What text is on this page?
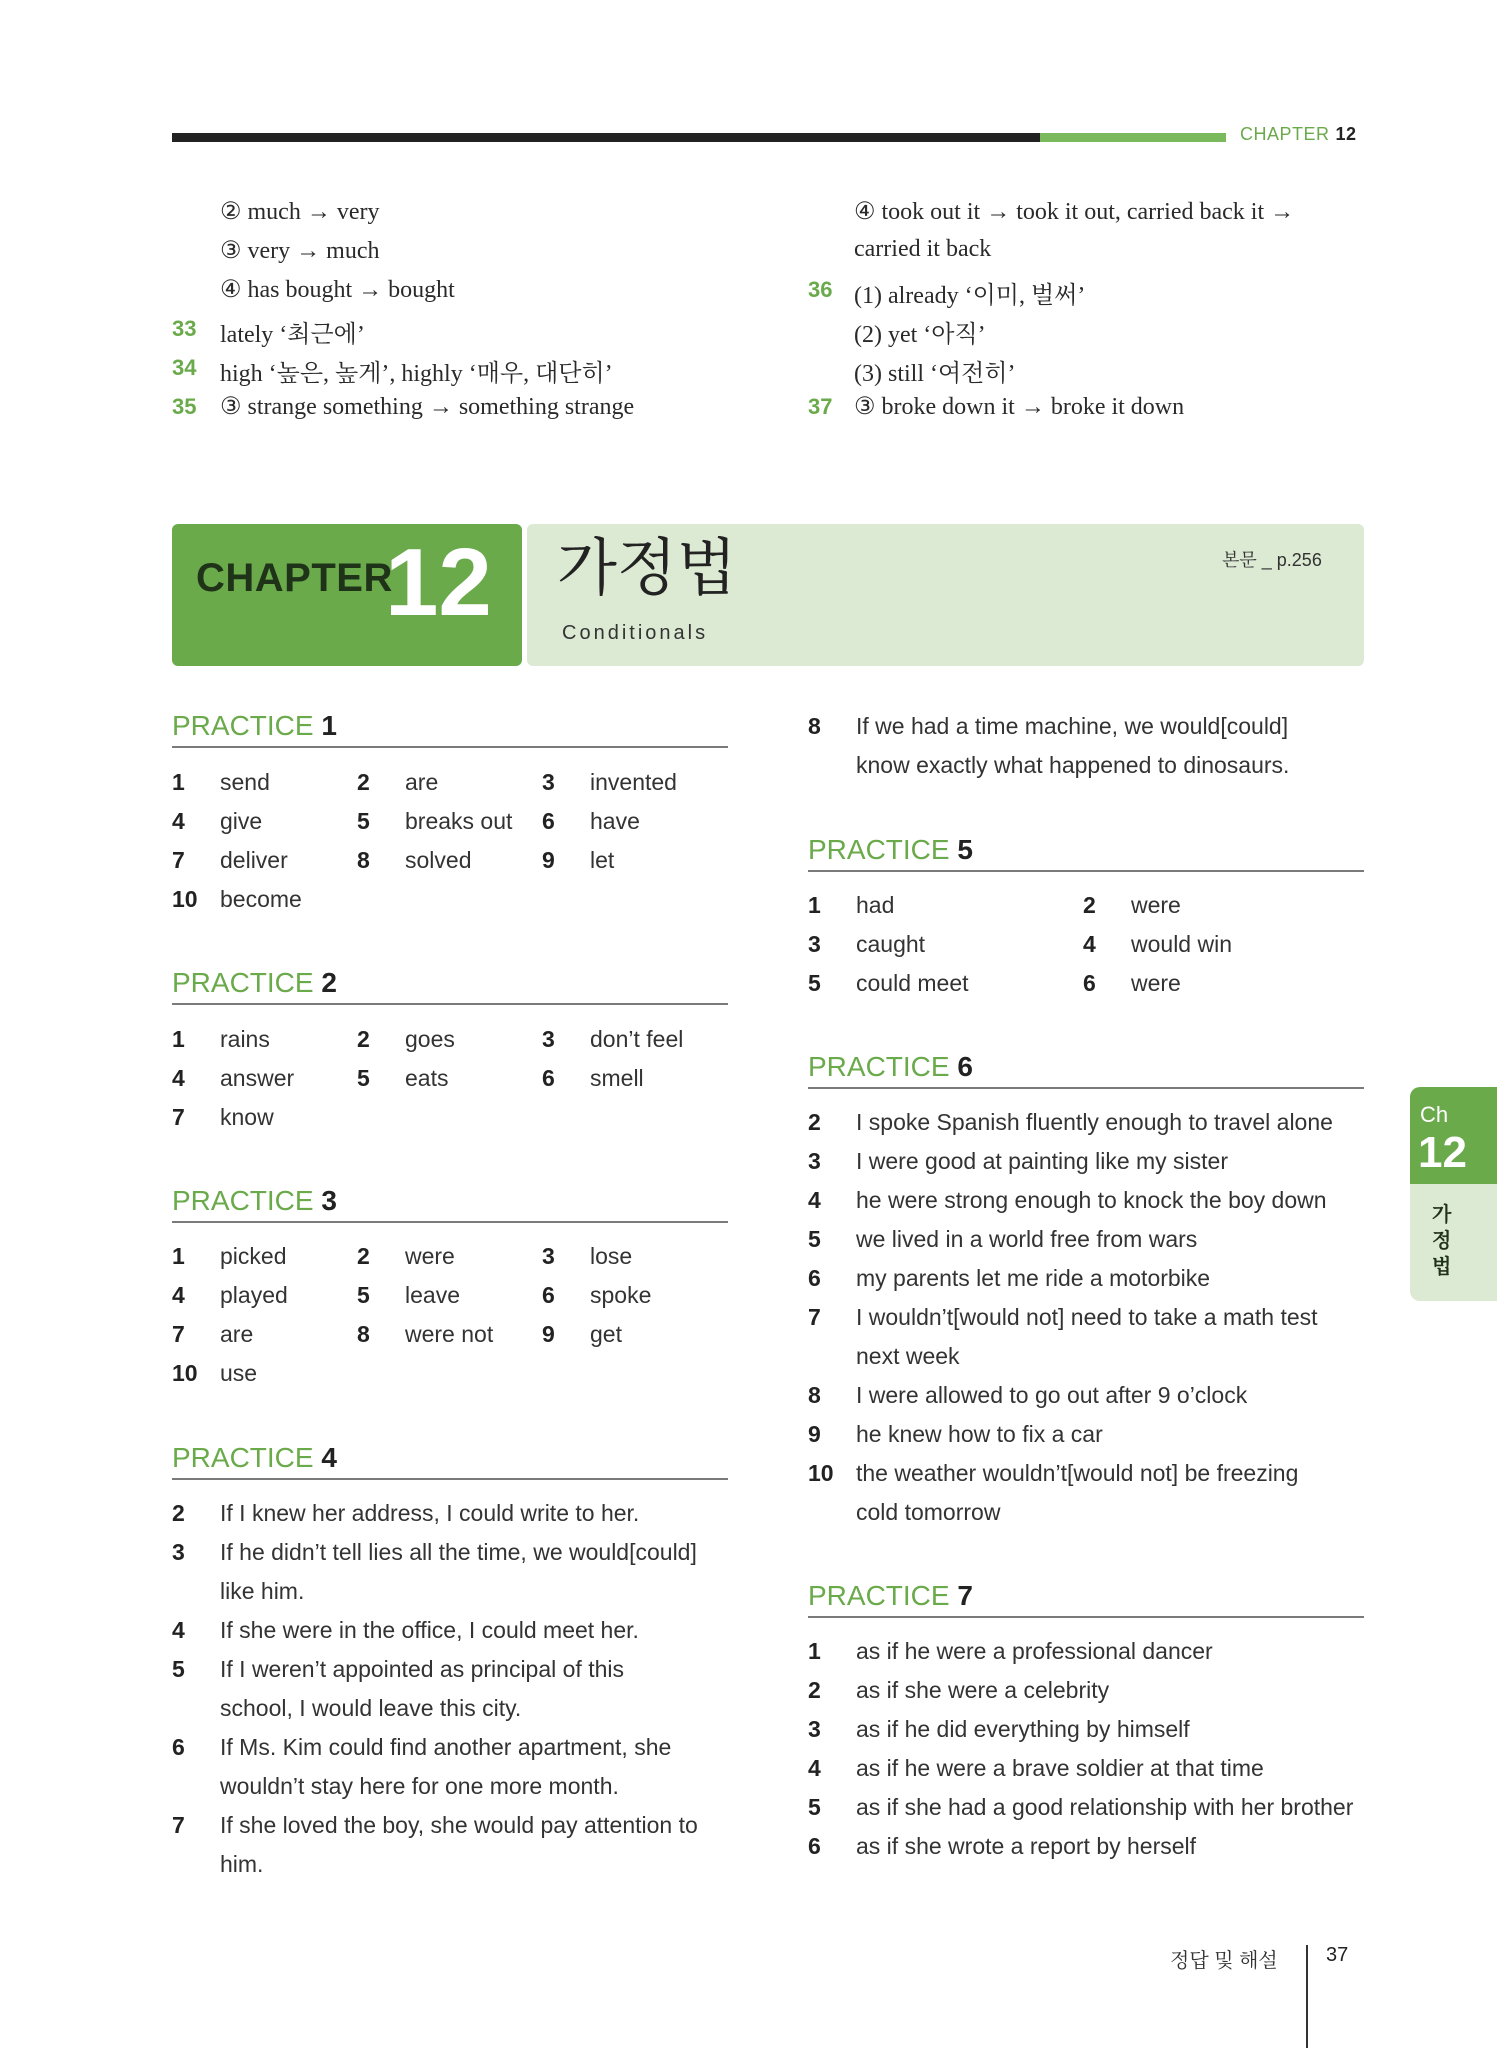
CHAPTER 12
② much → very
③ very → much
④ has bought → bought
33 lately ‘최근에’
34 high ‘높은, 높게’, highly ‘매우, 대단히’
35 ③ strange something → something strange
④ took out it → took it out, carried back it →
carried it back
36 (1) already ‘이미, 벌써’
(2) yet ‘아직’
(3) still ‘여전히’
37 ③ broke down it → broke it down
CHAPTER
12 가정법
Conditionals
본문 _ p.256
PRACTICE 1
1 send	2 are	3 invented
4 give	5 breaks out 6 have
7 deliver	8 solved	9 let
10 become
PRACTICE 2
1 rains	2 goes	3 don’t feel
4 answer	5 eats	6 smell
7 know
PRACTICE 3
1 picked	2 were	3 lose
4 played	5 leave	6 spoke
7 are	8 were not 9 get
10 use
PRACTICE 4
2 If I knew her address, I could write to her.
3 If he didn’t tell lies all the time, we would[could]
like him.
4 If she were in the office, I could meet her.
5 If I weren’t appointed as principal of this
school, I would leave this city.
6 If Ms. Kim could find another apartment, she
wouldn’t stay here for one more month.
7 If she loved the boy, she would pay attention to
him.
8 If we had a time machine, we would[could]
know exactly what happened to dinosaurs.
PRACTICE 5
1 had	2 were
3 caught	4 would win
5 could meet	6 were
PRACTICE 6
2 I spoke Spanish fluently enough to travel alone
3 I were good at painting like my sister
4 he were strong enough to knock the boy down
5 we lived in a world free from wars
6 my parents let me ride a motorbike
7 I wouldn’t[would not] need to take a math test
next week
8 I were allowed to go out after 9 o’clock
9 he knew how to fix a car
10 the weather wouldn’t[would not] be freezing
cold tomorrow
PRACTICE 7
1 as if he were a professional dancer
2 as if she were a celebrity
3 as if he did everything by himself
4 as if he were a brave soldier at that time
5 as if she had a good relationship with her brother
6 as if she wrote a report by herself
Ch
12
가
정
법
정답 및 해설 37
